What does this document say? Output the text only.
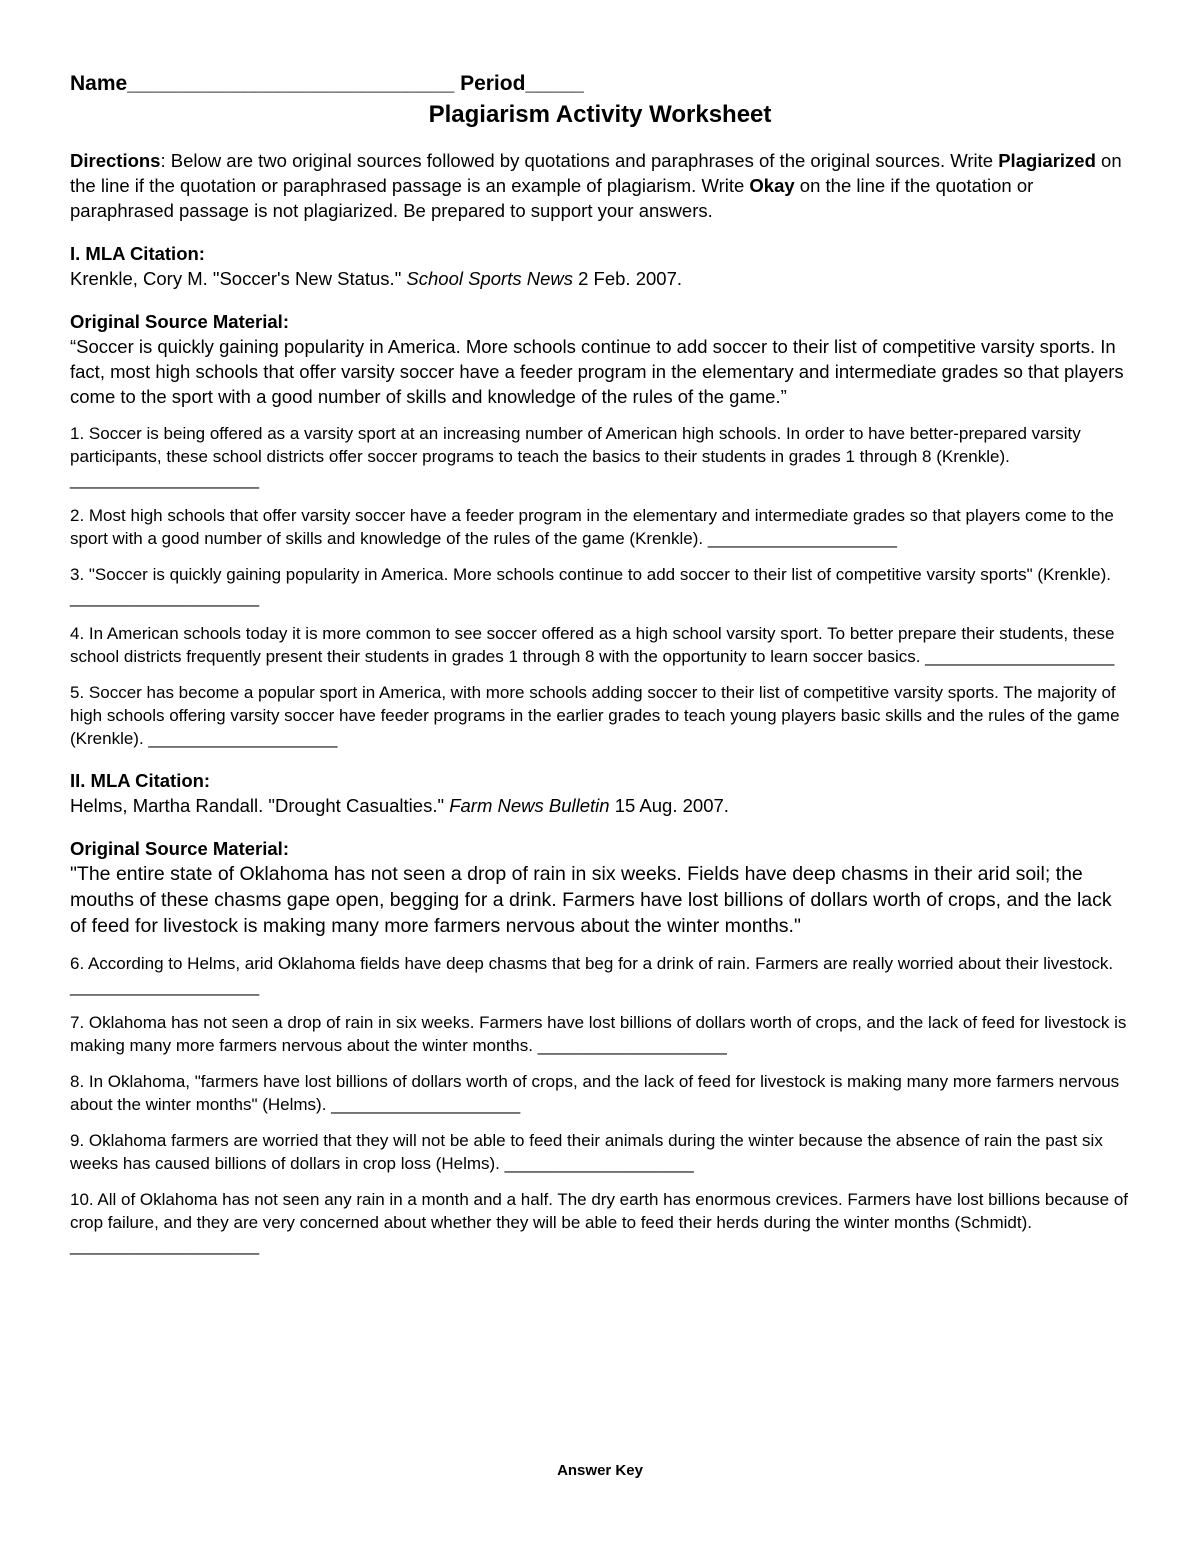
Name____________________________ Period_____
Plagiarism Activity Worksheet
Directions: Below are two original sources followed by quotations and paraphrases of the original sources. Write Plagiarized on the line if the quotation or paraphrased passage is an example of plagiarism. Write Okay on the line if the quotation or paraphrased passage is not plagiarized. Be prepared to support your answers.
I. MLA Citation:
Krenkle, Cory M. "Soccer's New Status." School Sports News 2 Feb. 2007.
Original Source Material:
“Soccer is quickly gaining popularity in America. More schools continue to add soccer to their list of competitive varsity sports. In fact, most high schools that offer varsity soccer have a feeder program in the elementary and intermediate grades so that players come to the sport with a good number of skills and knowledge of the rules of the game.”
1. Soccer is being offered as a varsity sport at an increasing number of American high schools. In order to have better-prepared varsity participants, these school districts offer soccer programs to teach the basics to their students in grades 1 through 8 (Krenkle). ____________________
2. Most high schools that offer varsity soccer have a feeder program in the elementary and intermediate grades so that players come to the sport with a good number of skills and knowledge of the rules of the game (Krenkle). ____________________
3. "Soccer is quickly gaining popularity in America. More schools continue to add soccer to their list of competitive varsity sports" (Krenkle). ____________________
4. In American schools today it is more common to see soccer offered as a high school varsity sport. To better prepare their students, these school districts frequently present their students in grades 1 through 8 with the opportunity to learn soccer basics. ____________________
5. Soccer has become a popular sport in America, with more schools adding soccer to their list of competitive varsity sports. The majority of high schools offering varsity soccer have feeder programs in the earlier grades to teach young players basic skills and the rules of the game (Krenkle). ____________________
II. MLA Citation:
Helms, Martha Randall. "Drought Casualties." Farm News Bulletin 15 Aug. 2007.
Original Source Material:
"The entire state of Oklahoma has not seen a drop of rain in six weeks. Fields have deep chasms in their arid soil; the mouths of these chasms gape open, begging for a drink. Farmers have lost billions of dollars worth of crops, and the lack of feed for livestock is making many more farmers nervous about the winter months."
6. According to Helms, arid Oklahoma fields have deep chasms that beg for a drink of rain. Farmers are really worried about their livestock. ____________________
7. Oklahoma has not seen a drop of rain in six weeks. Farmers have lost billions of dollars worth of crops, and the lack of feed for livestock is making many more farmers nervous about the winter months. ____________________
8. In Oklahoma, "farmers have lost billions of dollars worth of crops, and the lack of feed for livestock is making many more farmers nervous about the winter months" (Helms). ____________________
9. Oklahoma farmers are worried that they will not be able to feed their animals during the winter because the absence of rain the past six weeks has caused billions of dollars in crop loss (Helms). ____________________
10. All of Oklahoma has not seen any rain in a month and a half. The dry earth has enormous crevices. Farmers have lost billions because of crop failure, and they are very concerned about whether they will be able to feed their herds during the winter months (Schmidt). ____________________
Answer Key
